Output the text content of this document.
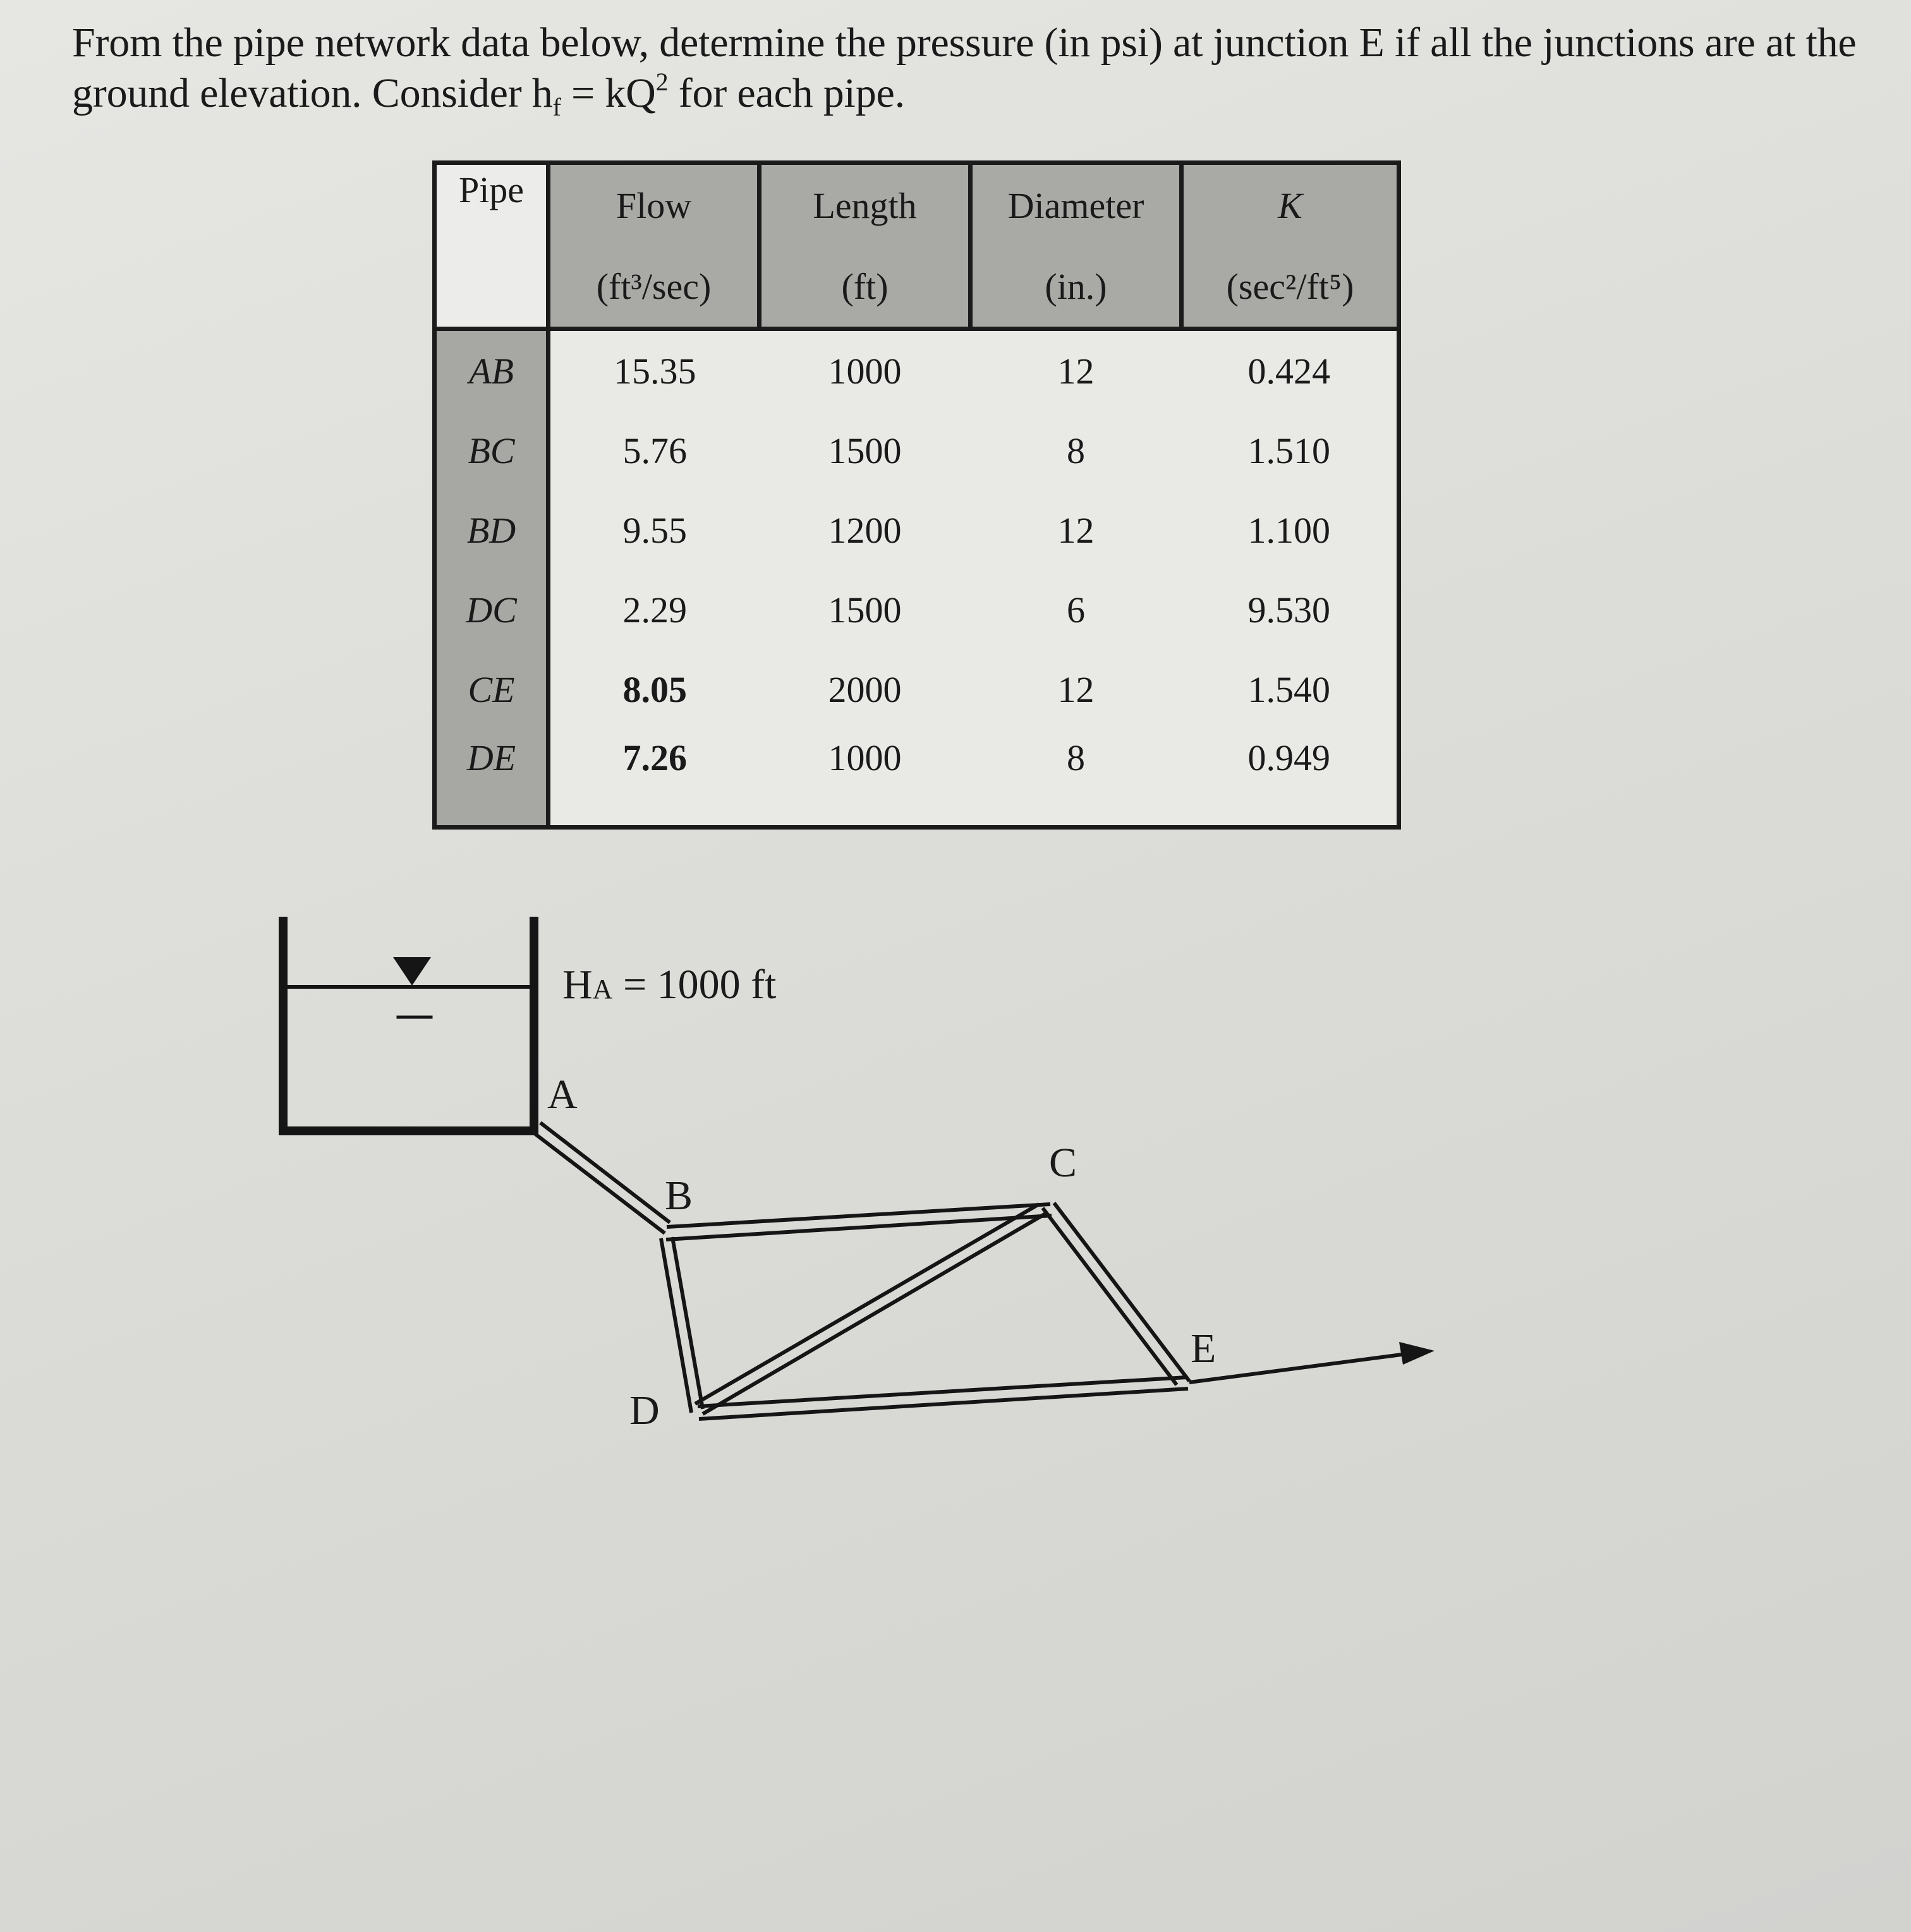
From the pipe network data below, determine the pressure (in psi) at junction E if all the junctions are at the ground elevation. Consider $h_f = kQ^2$ for each pipe.

Pipe	Flow	Length	Diameter	K
	(ft³/sec)	(ft)	(in.)	(sec²/ft⁵)
AB	15.35	1000	12	0.424
BC	5.76	1500	8	1.510
BD	9.55	1200	12	1.100
DC	2.29	1500	6	9.530
CE	8.05	2000	12	1.540
DE	7.26	1000	8	0.949
HA = 1000 ft
A
B
C
D
E
